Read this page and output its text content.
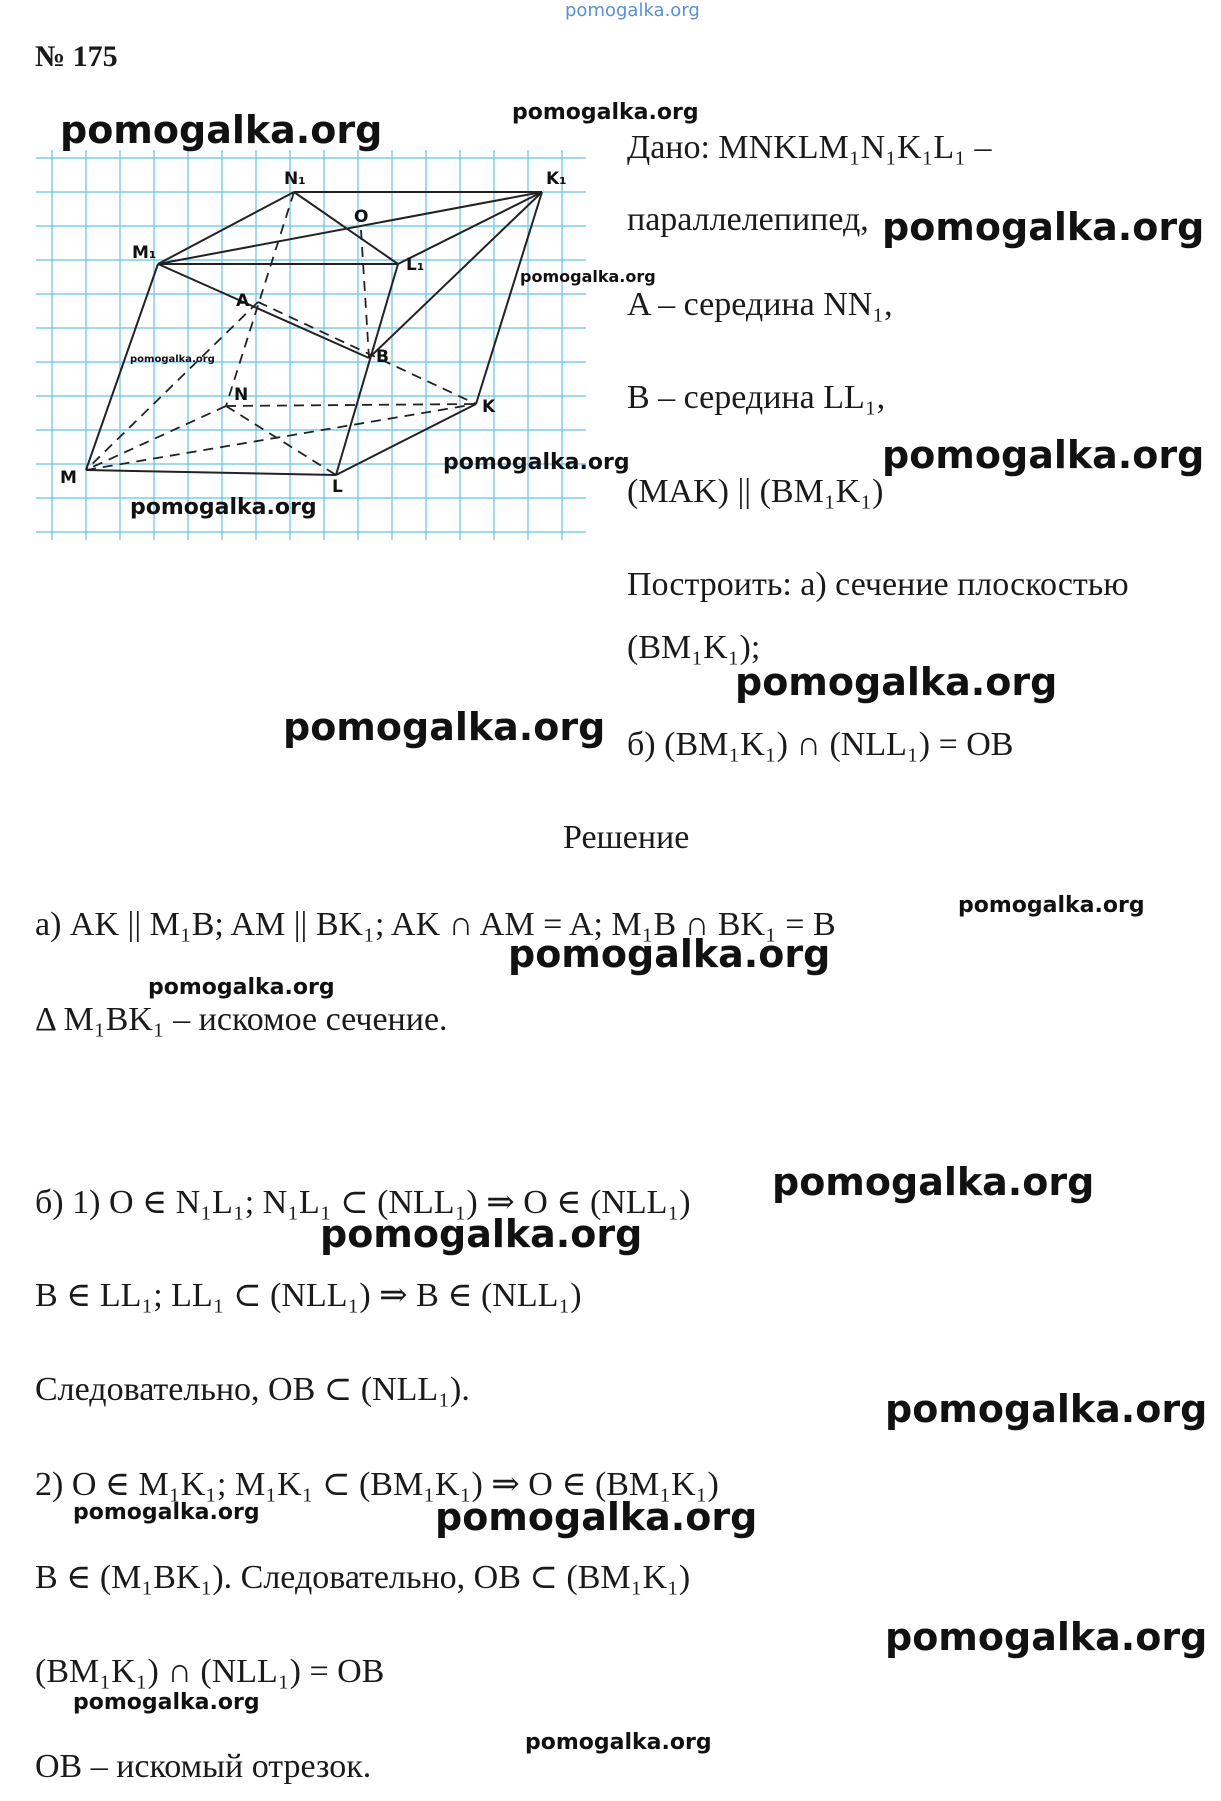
pomogalka.org
№ 175
N₁	K₁
O
M₁
L₁
A
B
N
K
M	L
pomogalka.org	pomogalka.org
pomogalka.org
pomogalka.org
pomogalka.org
pomogalka.org
Дано: MNKLM₁N₁K₁L₁ –
параллелепипед, pomogalka.org
A – середина NN₁,
B – середина LL₁,
pomogalka.org
(MAK) || (BM₁K₁)
Построить: а) сечение плоскостью
(BM₁K₁);
pomogalka.org
pomogalka.org б) (BM₁K₁) ∩ (NLL₁) = OB
Решение
а) AK || M₁B; AM || BK₁; AK ∩ AM = A; M₁B ∩ BK₁ = B
pomogalka.org
pomogalka.org
pomogalka.org
Δ M₁BK₁ – искомое сечение.
б) 1) O ∈ N₁L₁; N₁L₁ ⊂ (NLL₁) ⇒ O ∈ (NLL₁) pomogalka.org
pomogalka.org
B ∈ LL₁; LL₁ ⊂ (NLL₁) ⇒ B ∈ (NLL₁)
Следовательно, OB ⊂ (NLL₁).	pomogalka.org
2) O ∈ M₁K₁; M₁K₁ ⊂ (BM₁K₁) ⇒ O ∈ (BM₁K₁)
pomogalka.org	pomogalka.org
B ∈ (M₁BK₁). Следовательно, OB ⊂ (BM₁K₁)
pomogalka.org
(BM₁K₁) ∩ (NLL₁) = OB
pomogalka.org
pomogalka.org
OB – искомый отрезок.
